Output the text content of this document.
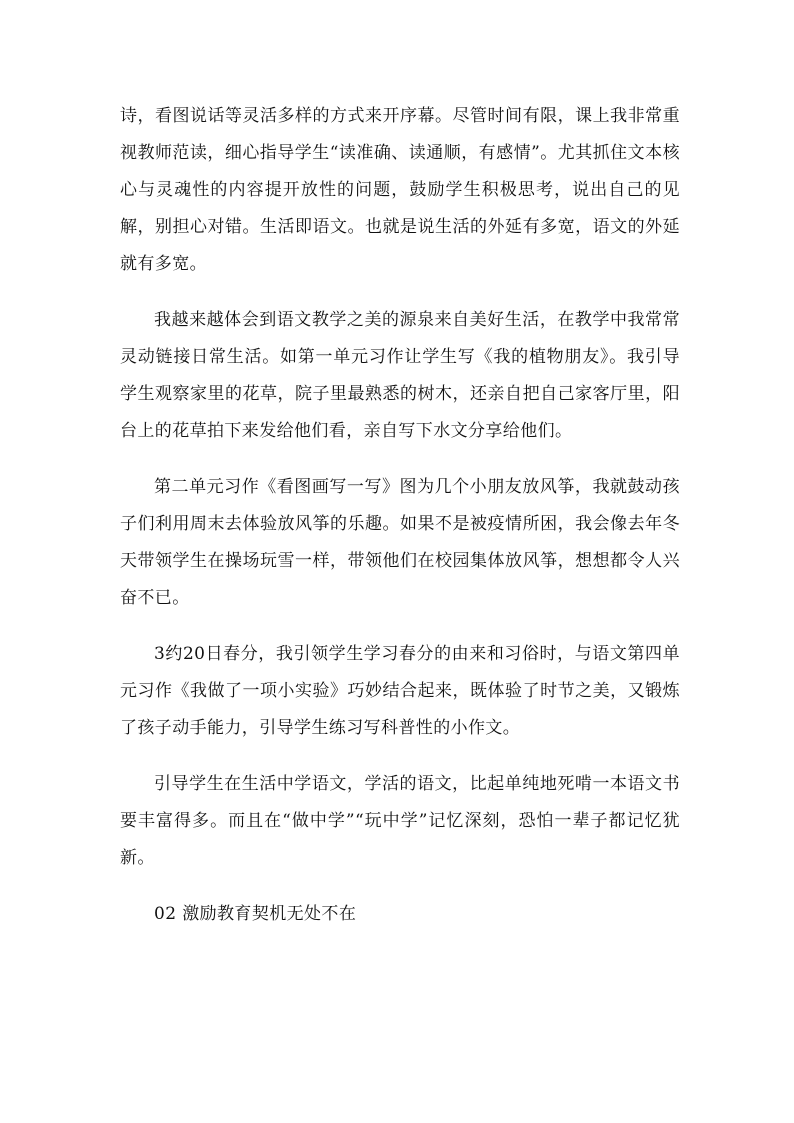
诗，看图说话等灵活多样的方式来开序幕。尽管时间有限，课上我非常重视教师范读，细心指导学生“读准确、读通顺，有感情”。尤其抓住文本核心与灵魂性的内容提开放性的问题，鼓励学生积极思考，说出自己的见解，别担心对错。生活即语文。也就是说生活的外延有多宽，语文的外延就有多宽。

我越来越体会到语文教学之美的源泉来自美好生活，在教学中我常常灵动链接日常生活。如第一单元习作让学生写《我的植物朋友》。我引导学生观察家里的花草，院子里最熟悉的树木，还亲自把自己家客厅里，阳台上的花草拍下来发给他们看，亲自写下水文分享给他们。

第二单元习作《看图画写一写》图为几个小朋友放风筝，我就鼓动孩子们利用周末去体验放风筝的乐趣。如果不是被疫情所困，我会像去年冬天带领学生在操场玩雪一样，带领他们在校园集体放风筝，想想都令人兴奋不已。

3约20日春分，我引领学生学习春分的由来和习俗时，与语文第四单元习作《我做了一项小实验》巧妙结合起来，既体验了时节之美，又锻炼了孩子动手能力，引导学生练习写科普性的小作文。

引导学生在生活中学语文，学活的语文，比起单纯地死啃一本语文书要丰富得多。而且在“做中学”“玩中学”记忆深刻，恐怕一辈子都记忆犹新。

02 激励教育契机无处不在
